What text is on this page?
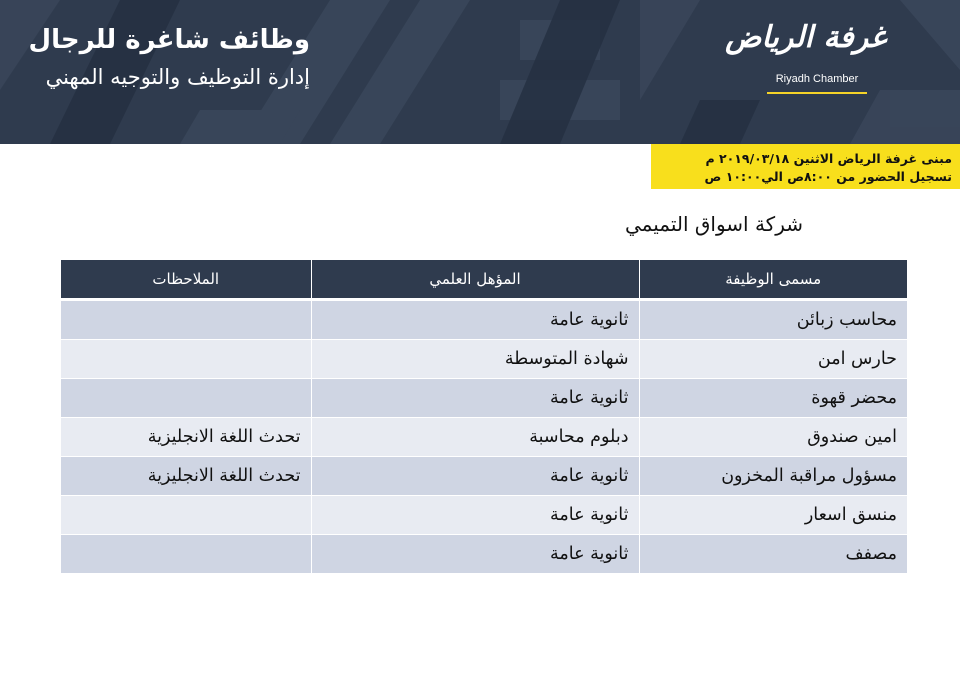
وظائف شاغرة للرجال
إدارة التوظيف والتوجيه المهني
غرفة الرياض
Riyadh Chamber
مبنى غرفة الرياض الاثنين ٢٠١٩/٠٣/١٨ م
تسجيل الحضور من ٨:٠٠ص الي١٠:٠٠ ص
شركة اسواق التميمي
مسمى الوظيفة	المؤهل العلمي	الملاحظات
محاسب زبائن	ثانوية عامة	
حارس امن	شهادة المتوسطة	
محضر قهوة	ثانوية عامة	
امين صندوق	دبلوم محاسبة	تحدث اللغة الانجليزية
مسؤول مراقبة المخزون	ثانوية عامة	تحدث اللغة الانجليزية
منسق اسعار	ثانوية عامة	
مصفف	ثانوية عامة	
